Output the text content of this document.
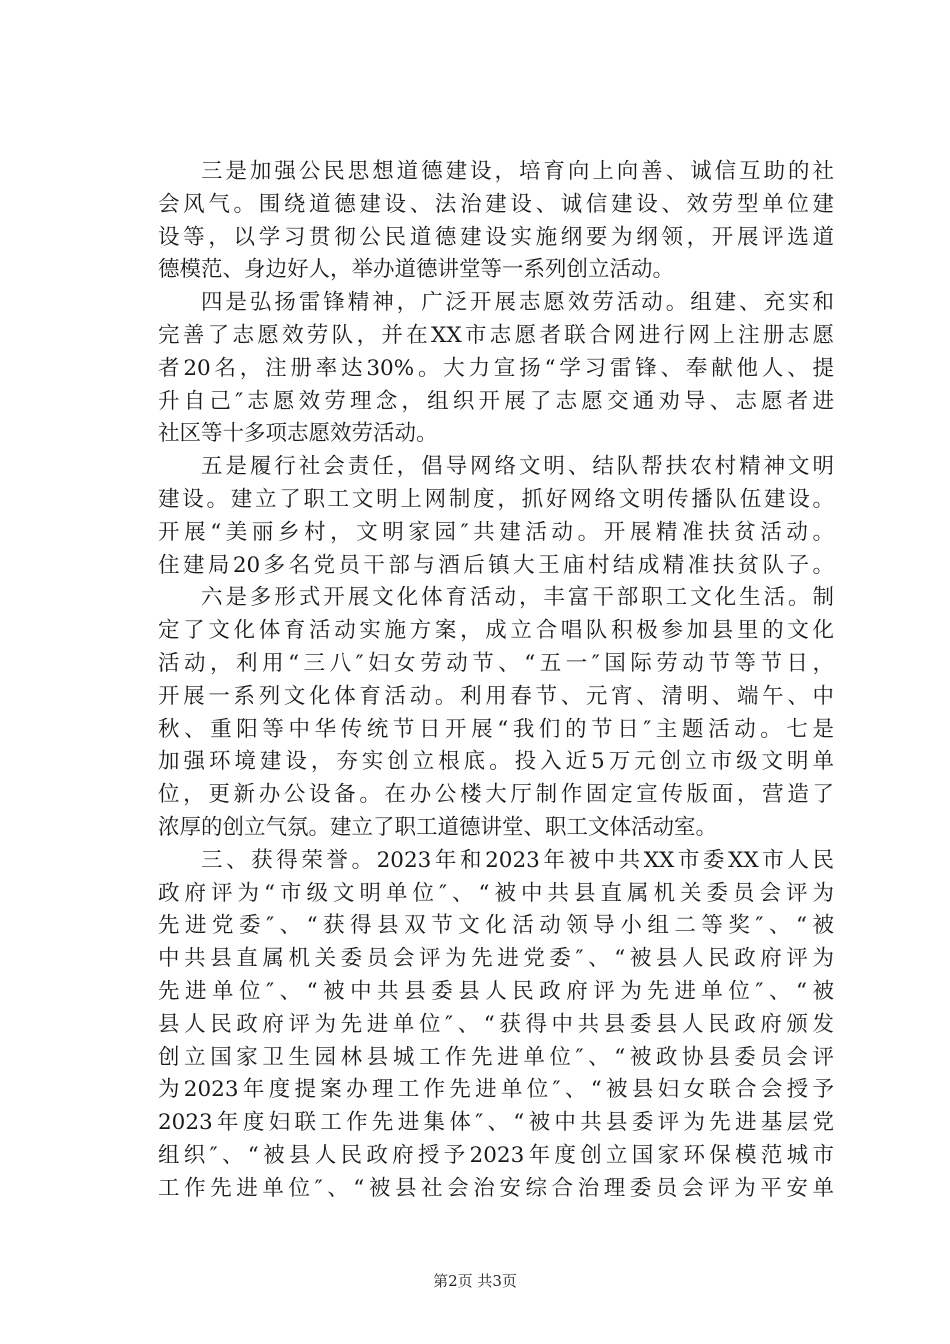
三是加强公民思想道德建设，培育向上向善、诚信互助的社
会风气。围绕道德建设、法治建设、诚信建设、效劳型单位建
设等，以学习贯彻公民道德建设实施纲要为纲领，开展评选道
德模范、身边好人，举办道德讲堂等一系列创立活动。
四是弘扬雷锋精神，广泛开展志愿效劳活动。组建、充实和
完善了志愿效劳队，并在XX市志愿者联合网进行网上注册志愿
者20名，注册率达30%。大力宣扬“学习雷锋、奉献他人、提
升自己″志愿效劳理念，组织开展了志愿交通劝导、志愿者进
社区等十多项志愿效劳活动。
五是履行社会责任，倡导网络文明、结队帮扶农村精神文明
建设。建立了职工文明上网制度，抓好网络文明传播队伍建设。
开展“美丽乡村，文明家园″共建活动。开展精准扶贫活动。
住建局20多名党员干部与酒后镇大王庙村结成精准扶贫队子。
六是多形式开展文化体育活动，丰富干部职工文化生活。制
定了文化体育活动实施方案，成立合唱队积极参加县里的文化
活动，利用“三八″妇女劳动节、“五一″国际劳动节等节日，
开展一系列文化体育活动。利用春节、元宵、清明、端午、中
秋、重阳等中华传统节日开展“我们的节日″主题活动。七是
加强环境建设，夯实创立根底。投入近5万元创立市级文明单
位，更新办公设备。在办公楼大厅制作固定宣传版面，营造了
浓厚的创立气氛。建立了职工道德讲堂、职工文体活动室。
三、获得荣誉。2023年和2023年被中共XX市委XX市人民
政府评为“市级文明单位″、“被中共县直属机关委员会评为
先进党委″、“获得县双节文化活动领导小组二等奖″、“被
中共县直属机关委员会评为先进党委″、“被县人民政府评为
先进单位″、“被中共县委县人民政府评为先进单位″、“被
县人民政府评为先进单位″、“获得中共县委县人民政府颁发
创立国家卫生园林县城工作先进单位″、“被政协县委员会评
为2023年度提案办理工作先进单位″、“被县妇女联合会授予
2023年度妇联工作先进集体″、“被中共县委评为先进基层党
组织″、“被县人民政府授予2023年度创立国家环保模范城市
工作先进单位″、“被县社会治安综合治理委员会评为平安单
第2页 共3页
